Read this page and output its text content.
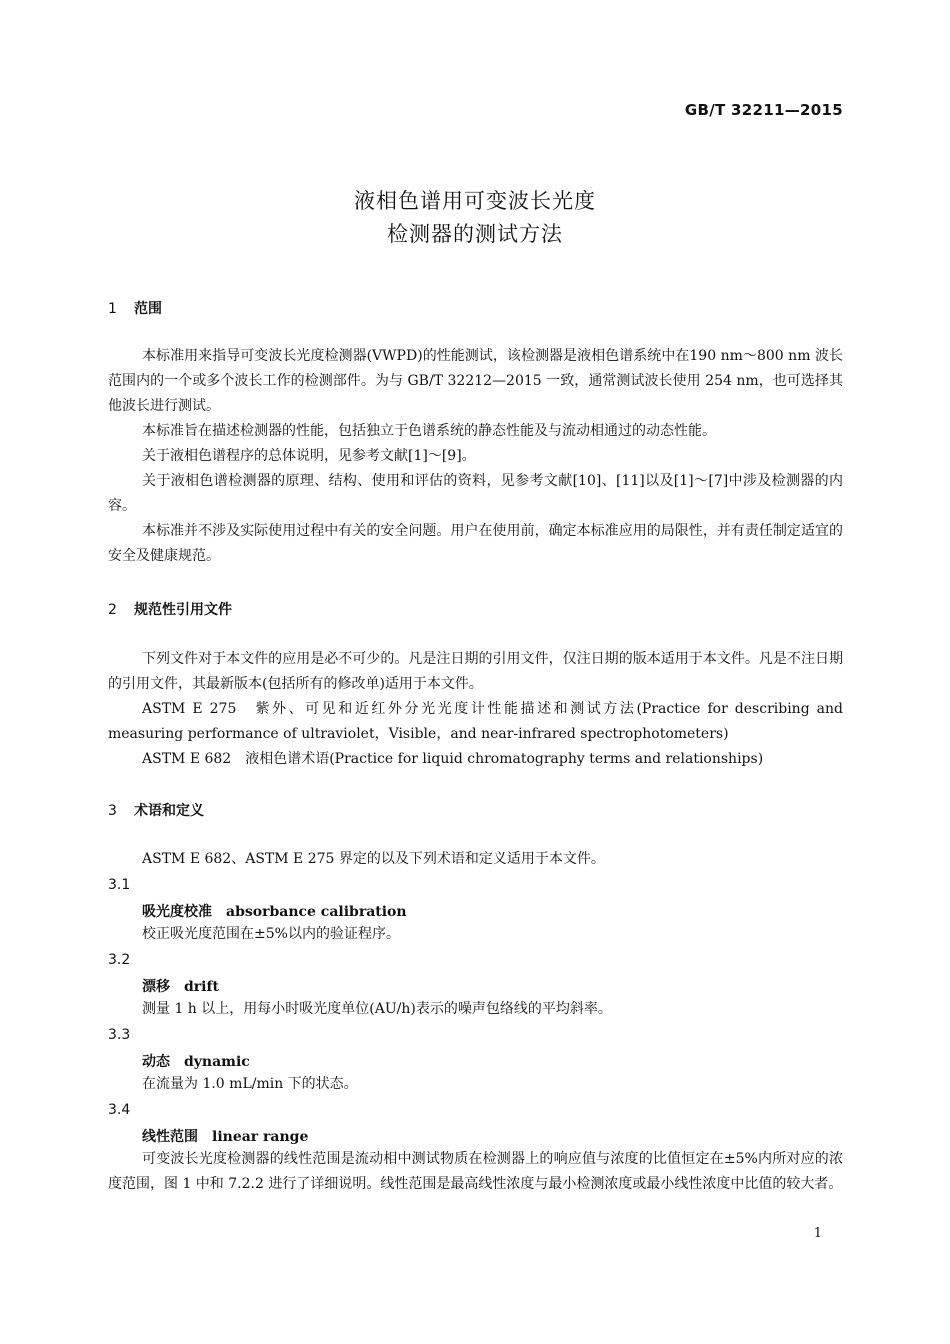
GB/T 32211—2015
液相色谱用可变波长光度
检测器的测试方法
1 范围
本标准用来指导可变波长光度检测器(VWPD)的性能测试，该检测器是液相色谱系统中在190 nm～800 nm 波长范围内的一个或多个波长工作的检测部件。为与 GB/T 32212—2015 一致，通常测试波长使用 254 nm，也可选择其他波长进行测试。
本标准旨在描述检测器的性能，包括独立于色谱系统的静态性能及与流动相通过的动态性能。
关于液相色谱程序的总体说明，见参考文献[1]～[9]。
关于液相色谱检测器的原理、结构、使用和评估的资料，见参考文献[10]、[11]以及[1]～[7]中涉及检测器的内容。
本标准并不涉及实际使用过程中有关的安全问题。用户在使用前，确定本标准应用的局限性，并有责任制定适宜的安全及健康规范。
2 规范性引用文件
下列文件对于本文件的应用是必不可少的。凡是注日期的引用文件，仅注日期的版本适用于本文件。凡是不注日期的引用文件，其最新版本(包括所有的修改单)适用于本文件。
ASTM E 275　紫外、可见和近红外分光光度计性能描述和测试方法(Practice for describing and measuring performance of ultraviolet，Visible，and near-infrared spectrophotometers)
ASTM E 682　液相色谱术语(Practice for liquid chromatography terms and relationships)
3 术语和定义
ASTM E 682、ASTM E 275 界定的以及下列术语和定义适用于本文件。
3.1
吸光度校准 absorbance calibration
校正吸光度范围在±5%以内的验证程序。
3.2
漂移 drift
测量 1 h 以上，用每小时吸光度单位(AU/h)表示的噪声包络线的平均斜率。
3.3
动态 dynamic
在流量为 1.0 mL/min 下的状态。
3.4
线性范围 linear range
可变波长光度检测器的线性范围是流动相中测试物质在检测器上的响应值与浓度的比值恒定在±5%内所对应的浓度范围，图 1 中和 7.2.2 进行了详细说明。线性范围是最高线性浓度与最小检测浓度或最小线性浓度中比值的较大者。
1
